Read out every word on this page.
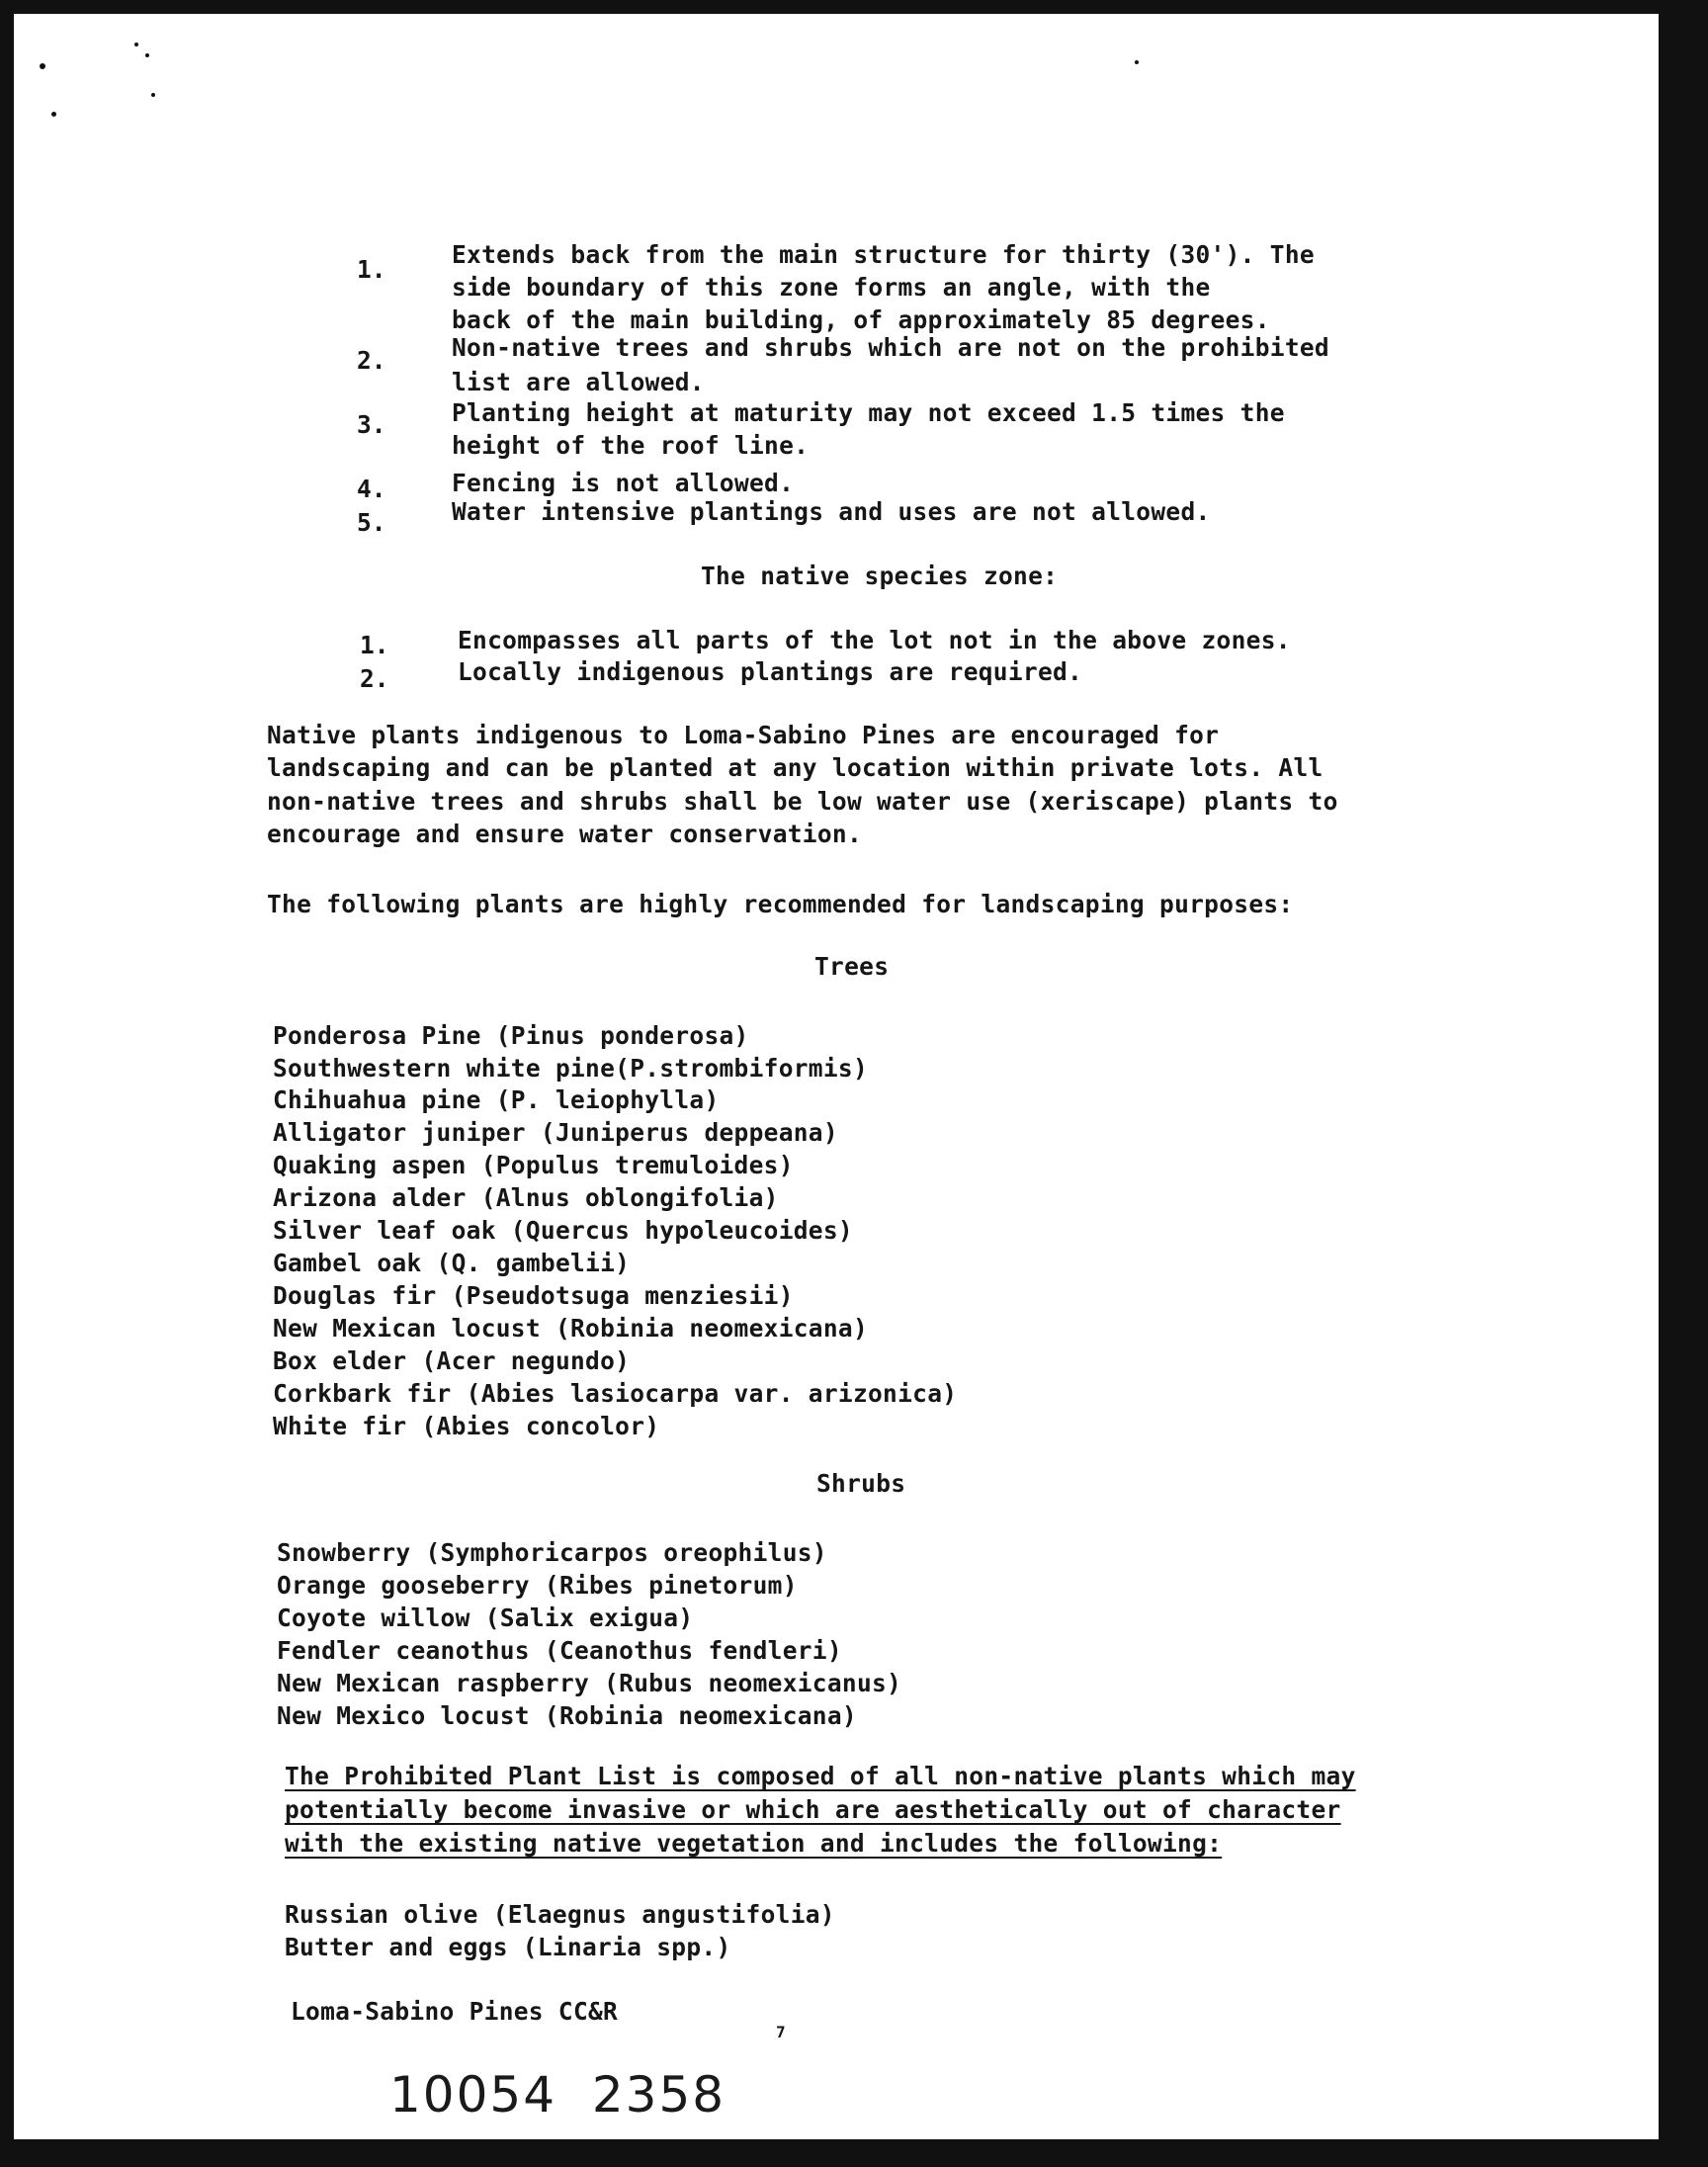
1.
Extends back from the main structure for thirty (30'). The
side boundary of this zone forms an angle, with the
back of the main building, of approximately 85 degrees.
2.	Non-native trees and shrubs which are not on the prohibited
list are allowed.
3.	Planting height at maturity may not exceed 1.5 times the
height of the roof line.
4.	Fencing is not allowed.
5.	Water intensive plantings and uses are not allowed.
The native species zone:
1.	Encompasses all parts of the lot not in the above zones.
2.	Locally indigenous plantings are required.
Native plants indigenous to Loma-Sabino Pines are encouraged for
landscaping and can be planted at any location within private lots. All
non-native trees and shrubs shall be low water use (xeriscape) plants to
encourage and ensure water conservation.
The following plants are highly recommended for landscaping purposes:
Trees
Ponderosa Pine (Pinus ponderosa)
Southwestern white pine(P.strombiformis)
Chihuahua pine (P. leiophylla)
Alligator juniper (Juniperus deppeana)
Quaking aspen (Populus tremuloides)
Arizona alder (Alnus oblongifolia)
Silver leaf oak (Quercus hypoleucoides)
Gambel oak (Q. gambelii)
Douglas fir (Pseudotsuga menziesii)
New Mexican locust (Robinia neomexicana)
Box elder (Acer negundo)
Corkbark fir (Abies lasiocarpa var. arizonica)
White fir (Abies concolor)
Shrubs
Snowberry (Symphoricarpos oreophilus)
Orange gooseberry (Ribes pinetorum)
Coyote willow (Salix exigua)
Fendler ceanothus (Ceanothus fendleri)
New Mexican raspberry (Rubus neomexicanus)
New Mexico locust (Robinia neomexicana)
The Prohibited Plant List is composed of all non-native plants which may
potentially become invasive or which are aesthetically out of character
with the existing native vegetation and includes the following:
Russian olive (Elaegnus angustifolia)
Butter and eggs (Linaria spp.)
Loma-Sabino Pines CC&R
7
10054  2358
